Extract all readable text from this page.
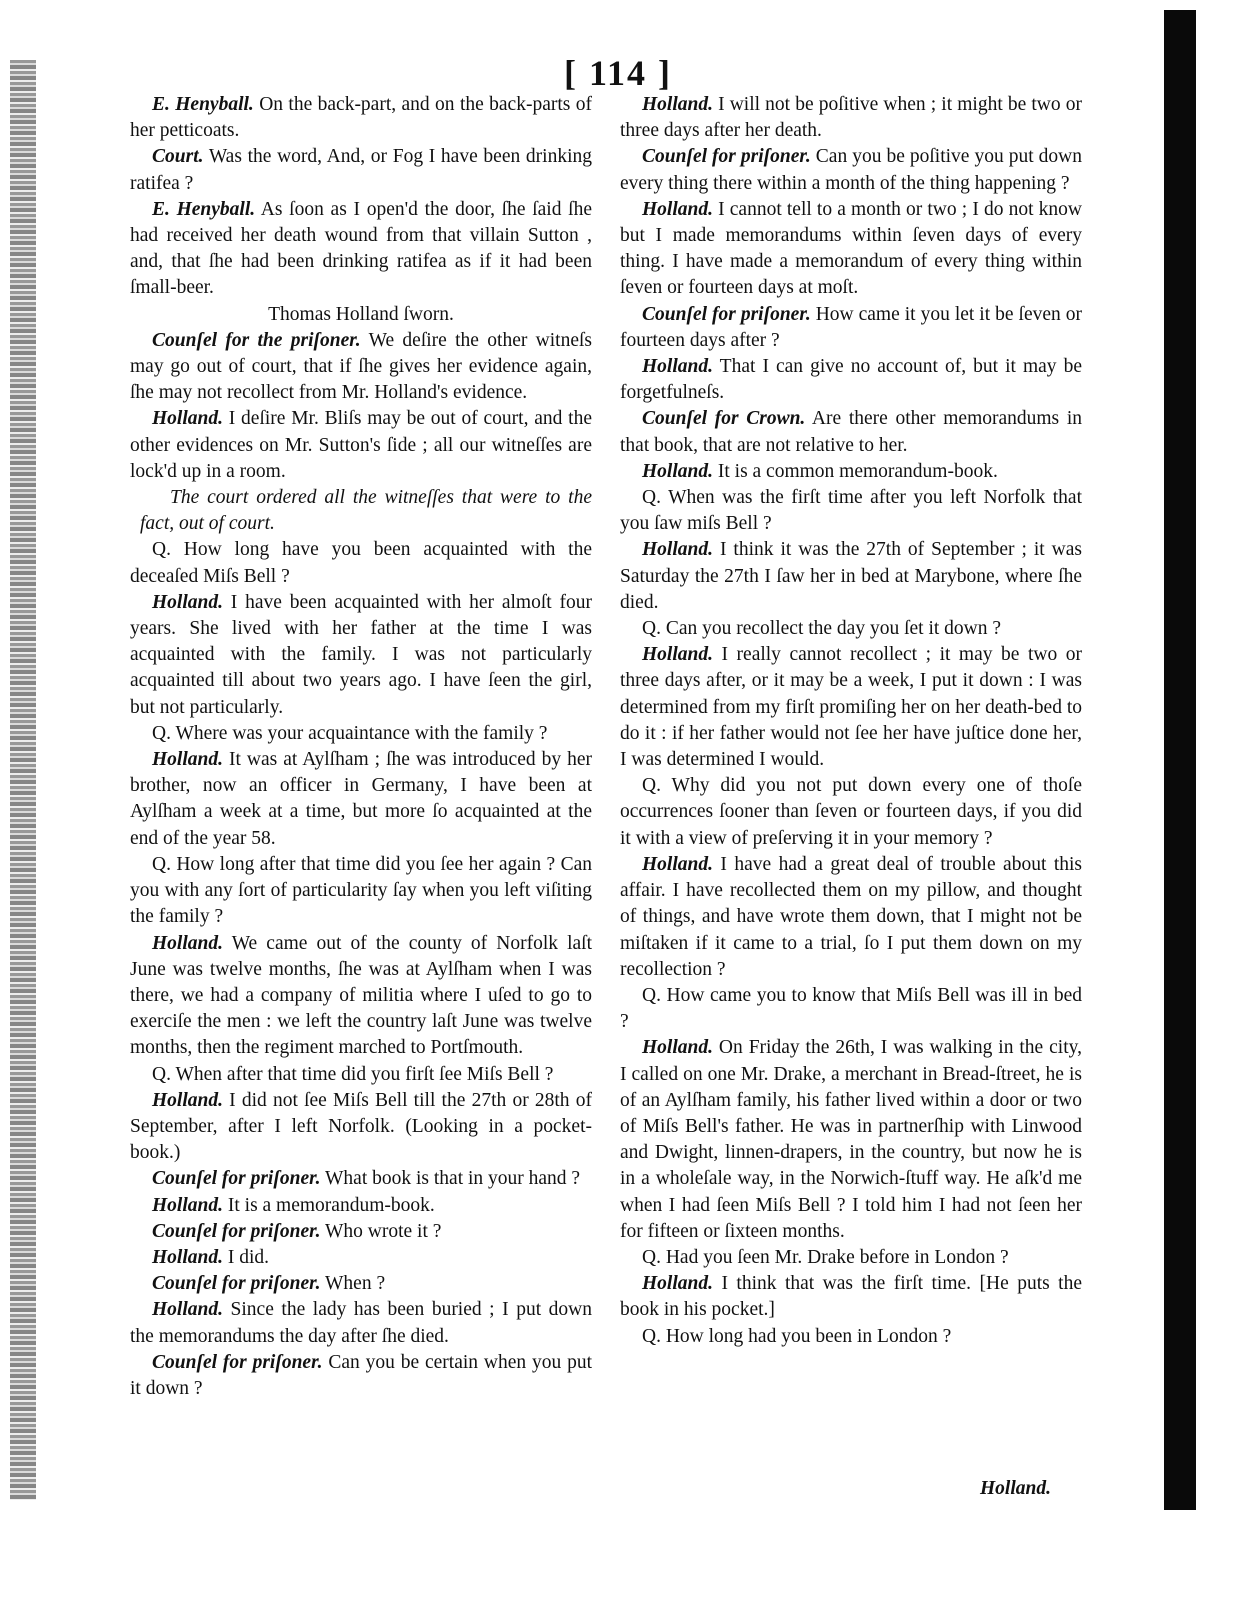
[ 114 ]

E. Henyball. On the back-part, and on the back-parts of her petticoats.

Court. Was the word, And, or Fog I have been drinking ratifea ?

E. Henyball. As ſoon as I open'd the door, ſhe ſaid ſhe had received her death wound from that villain Sutton , and, that ſhe had been drinking ratifea as if it had been ſmall-beer.

Thomas Holland ſworn.

Counſel for the priſoner. We deſire the other witneſs may go out of court, that if ſhe gives her evidence again, ſhe may not recollect from Mr. Holland's evidence.

Holland. I deſire Mr. Bliſs may be out of court, and the other evidences on Mr. Sutton's ſide ; all our witneſſes are lock'd up in a room.

The court ordered all the witneſſes that were to the fact, out of court.

Q. How long have you been acquainted with the deceaſed Miſs Bell ?

Holland. I have been acquainted with her almoſt four years. She lived with her father at the time I was acquainted with the family. I was not particularly acquainted till about two years ago. I have ſeen the girl, but not particularly.

Q. Where was your acquaintance with the family ?

Holland. It was at Aylſham ; ſhe was introduced by her brother, now an officer in Germany, I have been at Aylſham a week at a time, but more ſo acquainted at the end of the year 58.

Q. How long after that time did you ſee her again ? Can you with any ſort of particularity ſay when you left viſiting the family ?

Holland. We came out of the county of Norfolk laſt June was twelve months, ſhe was at Aylſham when I was there, we had a company of militia where I uſed to go to exerciſe the men : we left the country laſt June was twelve months, then the regiment marched to Portſmouth.

Q. When after that time did you firſt ſee Miſs Bell ?

Holland. I did not ſee Miſs Bell till the 27th or 28th of September, after I left Norfolk. (Looking in a pocket-book.)

Counſel for priſoner. What book is that in your hand ?

Holland. It is a memorandum-book.

Counſel for priſoner. Who wrote it ?

Holland. I did.

Counſel for priſoner. When ?

Holland. Since the lady has been buried ; I put down the memorandums the day after ſhe died.

Counſel for priſoner. Can you be certain when you put it down ?

Holland. I will not be poſitive when ; it might be two or three days after her death.

Counſel for priſoner. Can you be poſitive you put down every thing there within a month of the thing happening ?

Holland. I cannot tell to a month or two ; I do not know but I made memorandums within ſeven days of every thing. I have made a memorandum of every thing within ſeven or fourteen days at moſt.

Counſel for priſoner. How came it you let it be ſeven or fourteen days after ?

Holland. That I can give no account of, but it may be forgetfulneſs.

Counſel for Crown. Are there other memorandums in that book, that are not relative to her.

Holland. It is a common memorandum-book.

Q. When was the firſt time after you left Norfolk that you ſaw miſs Bell ?

Holland. I think it was the 27th of September ; it was Saturday the 27th I ſaw her in bed at Marybone, where ſhe died.

Q. Can you recollect the day you ſet it down ?

Holland. I really cannot recollect ; it may be two or three days after, or it may be a week, I put it down : I was determined from my firſt promiſing her on her death-bed to do it : if her father would not ſee her have juſtice done her, I was determined I would.

Q. Why did you not put down every one of thoſe occurrences ſooner than ſeven or fourteen days, if you did it with a view of preſerving it in your memory ?

Holland. I have had a great deal of trouble about this affair. I have recollected them on my pillow, and thought of things, and have wrote them down, that I might not be miſtaken if it came to a trial, ſo I put them down on my recollection ?

Q. How came you to know that Miſs Bell was ill in bed ?

Holland. On Friday the 26th, I was walking in the city, I called on one Mr. Drake, a merchant in Bread-ſtreet, he is of an Aylſham family, his father lived within a door or two of Miſs Bell's father. He was in partnerſhip with Linwood and Dwight, linnen-drapers, in the country, but now he is in a wholeſale way, in the Norwich-ſtuff way. He aſk'd me when I had ſeen Miſs Bell ? I told him I had not ſeen her for fifteen or ſixteen months.

Q. Had you ſeen Mr. Drake before in London ?

Holland. I think that was the firſt time. [He puts the book in his pocket.]

Q. How long had you been in London ?

Holland.
